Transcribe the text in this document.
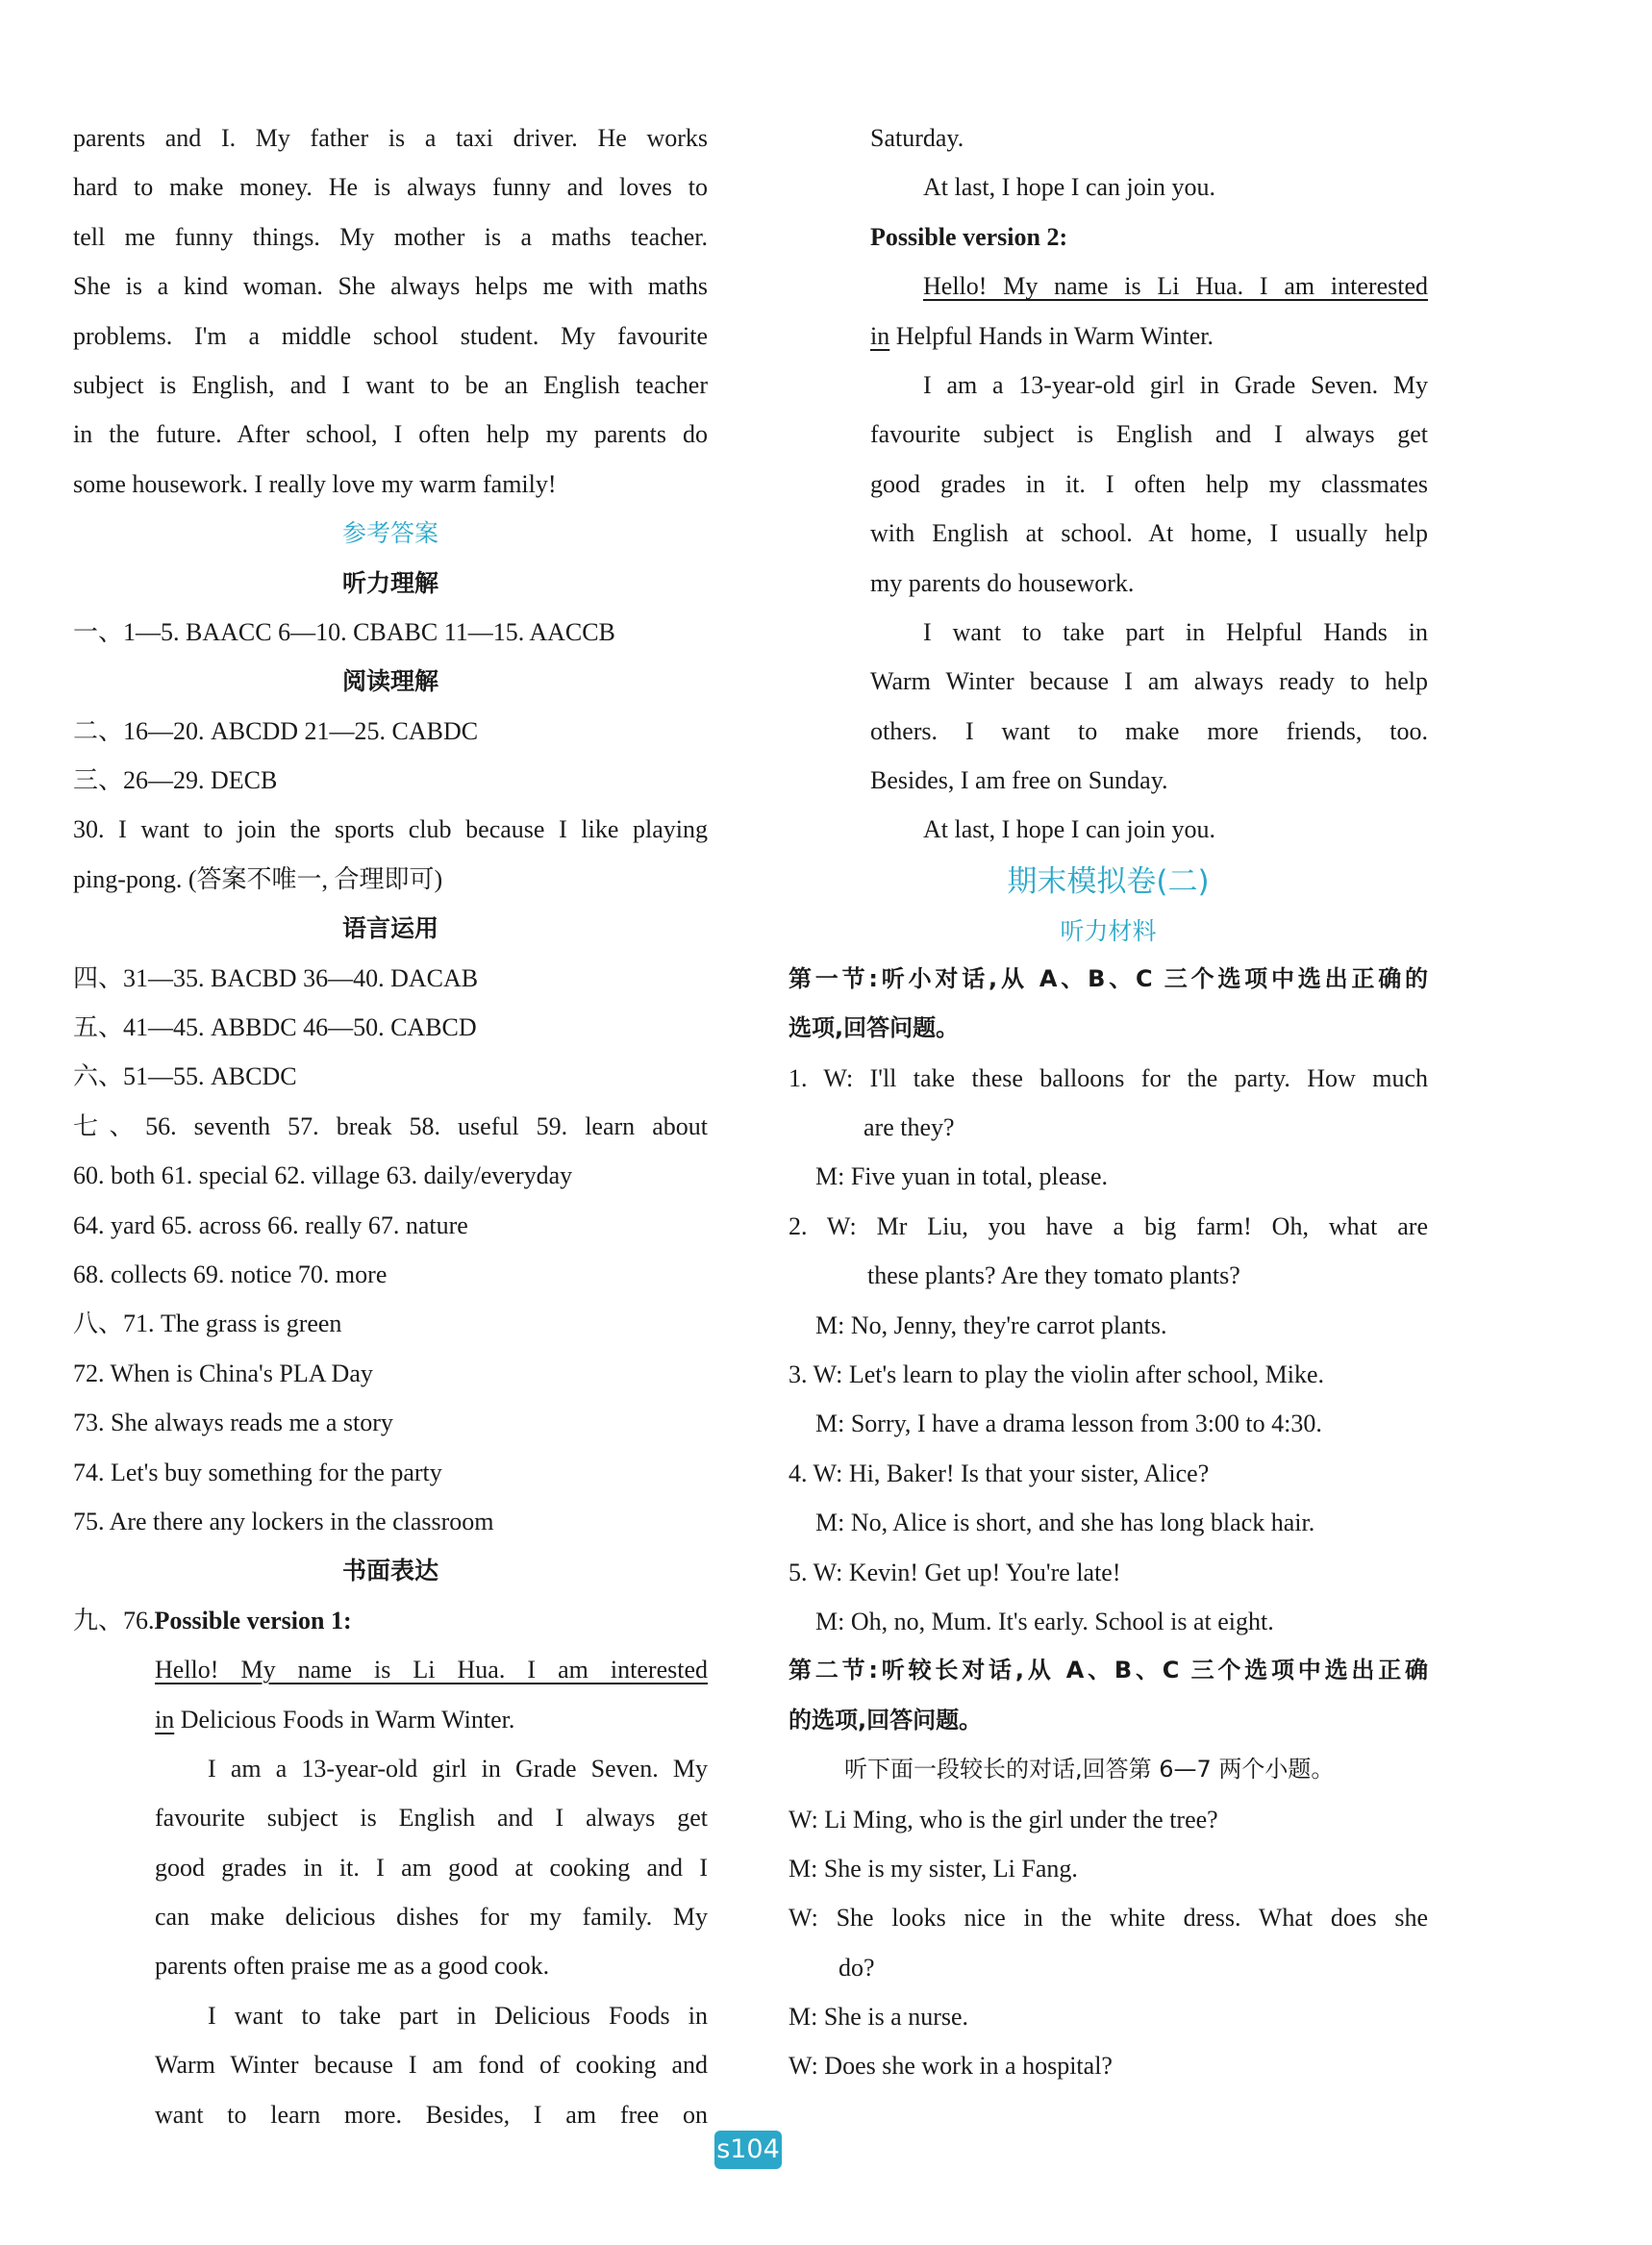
parents and I. My father is a taxi driver. He works
hard to make money. He is always funny and loves to
tell me funny things. My mother is a maths teacher.
She is a kind woman. She always helps me with maths
problems. I'm a middle school student. My favourite
subject is English, and I want to be an English teacher
in the future. After school, I often help my parents do
some housework. I really love my warm family!
参考答案
听力理解
一、1—5. BAACC 6—10. CBABC 11—15. AACCB
阅读理解
二、16—20. ABCDD 21—25. CABDC
三、26—29. DECB
30. I want to join the sports club because I like playing
ping-pong. (答案不唯一, 合理即可)
语言运用
四、31—35. BACBD 36—40. DACAB
五、41—45. ABBDC 46—50. CABCD
六、51—55. ABCDC
七、56. seventh 57. break 58. useful 59. learn about
60. both 61. special 62. village 63. daily/everyday
64. yard 65. across 66. really 67. nature
68. collects 69. notice 70. more
八、71. The grass is green
72. When is China's PLA Day
73. She always reads me a story
74. Let's buy something for the party
75. Are there any lockers in the classroom
书面表达
九、76.Possible version 1:
Hello! My name is Li Hua. I am interested
in Delicious Foods in Warm Winter.
I am a 13-year-old girl in Grade Seven. My
favourite subject is English and I always get
good grades in it. I am good at cooking and I
can make delicious dishes for my family. My
parents often praise me as a good cook.
I want to take part in Delicious Foods in
Warm Winter because I am fond of cooking and
want to learn more. Besides, I am free on
Saturday.
At last, I hope I can join you.
Possible version 2:
Hello! My name is Li Hua. I am interested
in Helpful Hands in Warm Winter.
I am a 13-year-old girl in Grade Seven. My
favourite subject is English and I always get
good grades in it. I often help my classmates
with English at school. At home, I usually help
my parents do housework.
I want to take part in Helpful Hands in
Warm Winter because I am always ready to help
others. I want to make more friends, too.
Besides, I am free on Sunday.
At last, I hope I can join you.
期末模拟卷(二)
听力材料
第一节:听小对话,从 A、B、C 三个选项中选出正确的
选项,回答问题。
1. W: I'll take these balloons for the party. How much
are they?
M: Five yuan in total, please.
2. W: Mr Liu, you have a big farm! Oh, what are
these plants? Are they tomato plants?
M: No, Jenny, they're carrot plants.
3. W: Let's learn to play the violin after school, Mike.
M: Sorry, I have a drama lesson from 3:00 to 4:30.
4. W: Hi, Baker! Is that your sister, Alice?
M: No, Alice is short, and she has long black hair.
5. W: Kevin! Get up! You're late!
M: Oh, no, Mum. It's early. School is at eight.
第二节:听较长对话,从 A、B、C 三个选项中选出正确
的选项,回答问题。
听下面一段较长的对话,回答第 6—7 两个小题。
W: Li Ming, who is the girl under the tree?
M: She is my sister, Li Fang.
W: She looks nice in the white dress. What does she
do?
M: She is a nurse.
W: Does she work in a hospital?
s104
